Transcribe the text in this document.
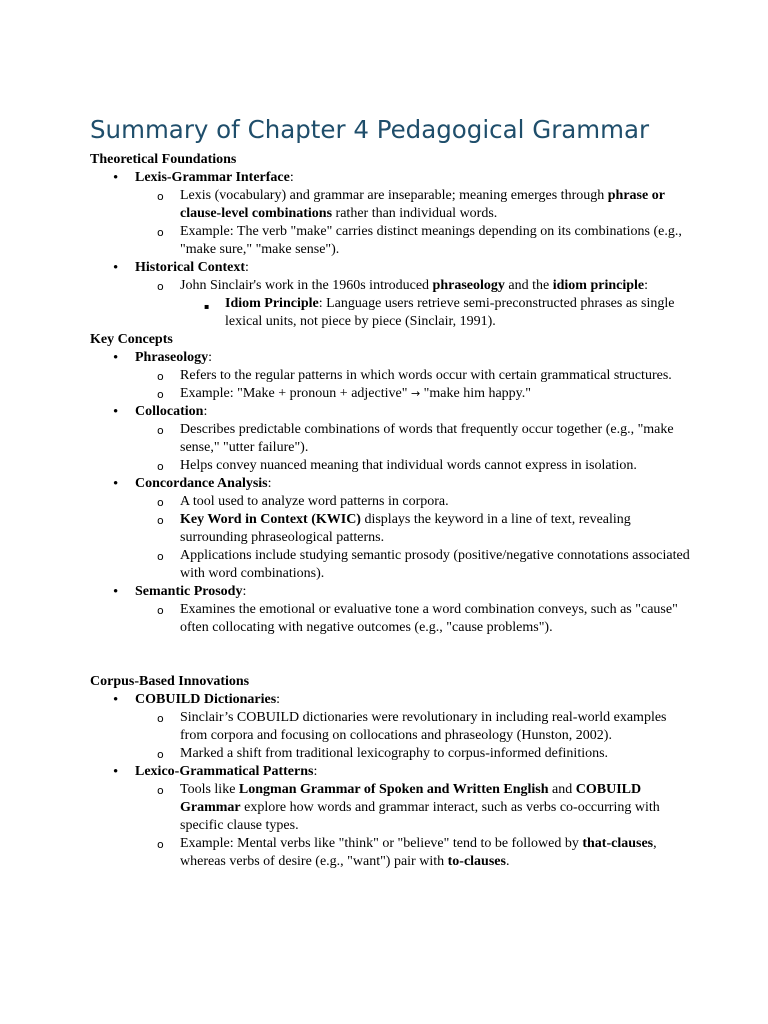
Summary of Chapter 4 Pedagogical Grammar
Theoretical Foundations
• Lexis-Grammar Interface:
o Lexis (vocabulary) and grammar are inseparable; meaning emerges through phrase or clause-level combinations rather than individual words.
o Example: The verb "make" carries distinct meanings depending on its combinations (e.g., "make sure," "make sense").
• Historical Context:
o John Sinclair's work in the 1960s introduced phraseology and the idiom principle:
▪ Idiom Principle: Language users retrieve semi-preconstructed phrases as single lexical units, not piece by piece (Sinclair, 1991).
Key Concepts
• Phraseology:
o Refers to the regular patterns in which words occur with certain grammatical structures.
o Example: "Make + pronoun + adjective" → "make him happy."
• Collocation:
o Describes predictable combinations of words that frequently occur together (e.g., "make sense," "utter failure").
o Helps convey nuanced meaning that individual words cannot express in isolation.
• Concordance Analysis:
o A tool used to analyze word patterns in corpora.
o Key Word in Context (KWIC) displays the keyword in a line of text, revealing surrounding phraseological patterns.
o Applications include studying semantic prosody (positive/negative connotations associated with word combinations).
• Semantic Prosody:
o Examines the emotional or evaluative tone a word combination conveys, such as "cause" often collocating with negative outcomes (e.g., "cause problems").
Corpus-Based Innovations
• COBUILD Dictionaries:
o Sinclair’s COBUILD dictionaries were revolutionary in including real-world examples from corpora and focusing on collocations and phraseology (Hunston, 2002).
o Marked a shift from traditional lexicography to corpus-informed definitions.
• Lexico-Grammatical Patterns:
o Tools like Longman Grammar of Spoken and Written English and COBUILD Grammar explore how words and grammar interact, such as verbs co-occurring with specific clause types.
o Example: Mental verbs like "think" or "believe" tend to be followed by that-clauses, whereas verbs of desire (e.g., "want") pair with to-clauses.
